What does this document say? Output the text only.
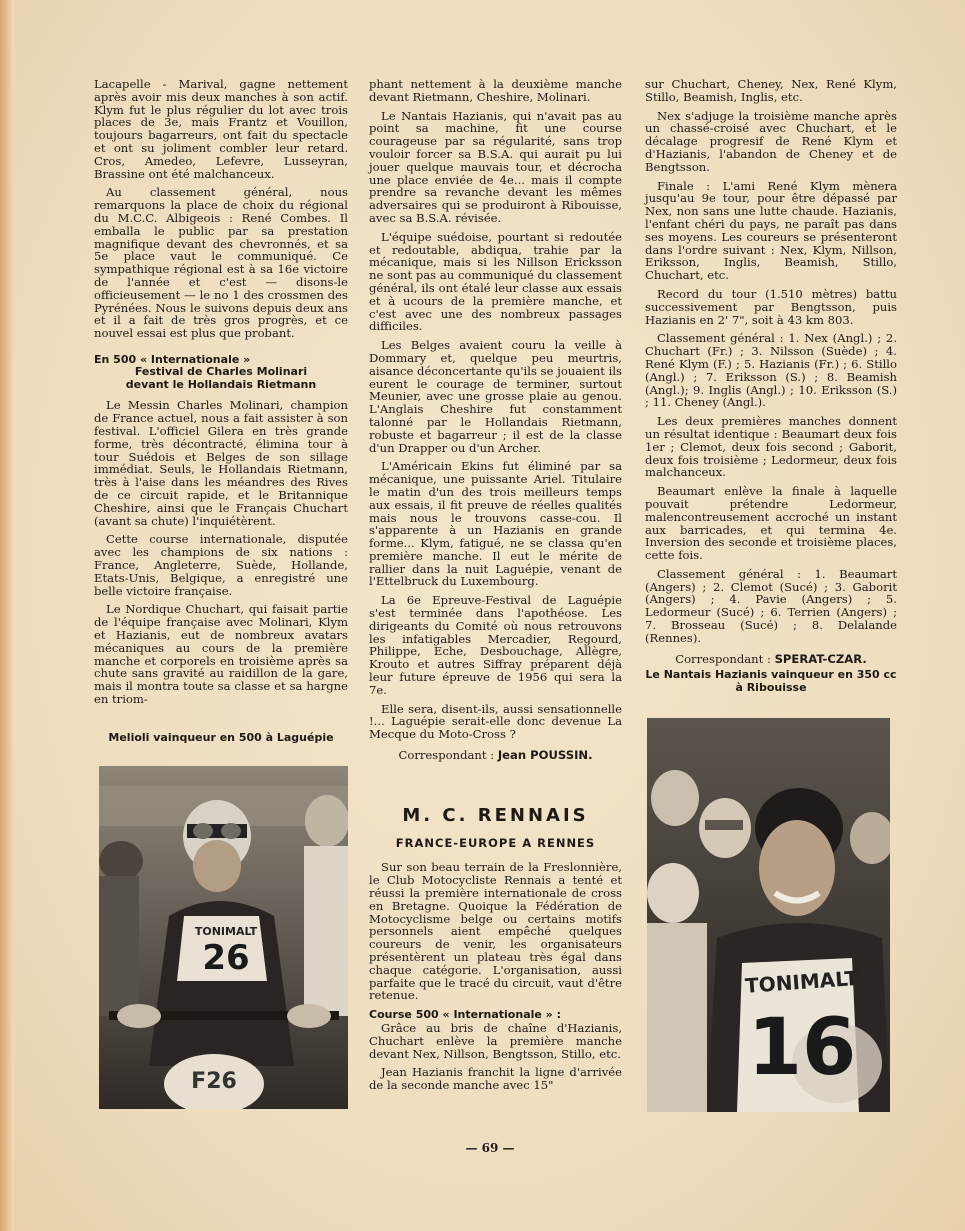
Lacapelle - Marival, gagne nettement après avoir mis deux manches à son actif. Klym fut le plus régulier du lot avec trois places de 3e, mais Frantz et Vouillon, toujours bagarreurs, ont fait du spectacle et ont su joliment combler leur retard. Cros, Amedeo, Lefevre, Lusseyran, Brassine ont été malchanceux.

Au classement général, nous remarquons la place de choix du régional du M.C.C. Albigeois : René Combes. Il emballa le public par sa prestation magnifique devant des chevronnés, et sa 5e place vaut le communiqué. Ce sympathique régional est à sa 16e victoire de l'année et c'est — disons-le officieusement — le no 1 des crossmen des Pyrénées. Nous le suivons depuis deux ans et il a fait de très gros progrès, et ce nouvel essai est plus que probant.

En 500 « Internationale »
Festival de Charles Molinari
devant le Hollandais Rietmann

Le Messin Charles Molinari, champion de France actuel, nous a fait assister à son festival. L'officiel Gilera en très grande forme, très décontracté, élimina tour à tour Suédois et Belges de son sillage immédiat. Seuls, le Hollandais Rietmann, très à l'aise dans les méandres des Rives de ce circuit rapide, et le Britannique Cheshire, ainsi que le Français Chuchart (avant sa chute) l'inquiétèrent.

Cette course internationale, disputée avec les champions de six nations : France, Angleterre, Suède, Hollande, Etats-Unis, Belgique, a enregistré une belle victoire française.

Le Nordique Chuchart, qui faisait partie de l'équipe française avec Molinari, Klym et Hazianis, eut de nombreux avatars mécaniques au cours de la première manche et corporels en troisième après sa chute sans gravité au raidillon de la gare, mais il montra toute sa classe et sa hargne en triom-

Melioli vainqueur en 500 à Laguépie
TONIMALT
26
F26

phant nettement à la deuxième manche devant Rietmann, Cheshire, Molinari.

Le Nantais Hazianis, qui n'avait pas au point sa machine, fit une course courageuse par sa régularité, sans trop vouloir forcer sa B.S.A. qui aurait pu lui jouer quelque mauvais tour, et décrocha une place enviée de 4e... mais il compte prendre sa revanche devant les mêmes adversaires qui se produiront à Ribouisse, avec sa B.S.A. révisée.

L'équipe suédoise, pourtant si redoutée et redoutable, abdiqua, trahie par la mécanique, mais si les Nillson Ericksson ne sont pas au communiqué du classement général, ils ont étalé leur classe aux essais et à ucours de la première manche, et c'est avec une des nombreux passages difficiles.

Les Belges avaient couru la veille à Dommary et, quelque peu meurtris, aisance déconcertante qu'ils se jouaient ils eurent le courage de terminer, surtout Meunier, avec une grosse plaie au genou. L'Anglais Cheshire fut constamment talonné par le Hollandais Rietmann, robuste et bagarreur ; il est de la classe d'un Drapper ou d'un Archer.

L'Américain Ekins fut éliminé par sa mécanique, une puissante Ariel. Titulaire le matin d'un des trois meilleurs temps aux essais, il fit preuve de réelles qualités mais nous le trouvons casse-cou. Il s'apparente à un Hazianis en grande forme... Klym, fatigué, ne se classa qu'en première manche. Il eut le mérite de rallier dans la nuit Laguépie, venant de l'Ettelbruck du Luxembourg.

La 6e Epreuve-Festival de Laguépie s'est terminée dans l'apothéose. Les dirigeants du Comité où nous retrouvons les infatigables Mercadier, Regourd, Philippe, Eche, Desbouchage, Allègre, Krouto et autres Siffray préparent déjà leur future épreuve de 1956 qui sera la 7e.

Elle sera, disent-ils, aussi sensationnelle !... Laguépie serait-elle donc devenue La Mecque du Moto-Cross ?

Correspondant : Jean POUSSIN.
M. C. RENNAIS
FRANCE-EUROPE A RENNES

Sur son beau terrain de la Freslonnière, le Club Motocycliste Rennais a tenté et réussi la première internationale de cross en Bretagne. Quoique la Fédération de Motocyclisme belge ou certains motifs personnels aient empêché quelques coureurs de venir, les organisateurs présentèrent un plateau très égal dans chaque catégorie. L'organisation, aussi parfaite que le tracé du circuit, vaut d'être retenue.

Course 500 « Internationale » :

Grâce au bris de chaîne d'Hazianis, Chuchart enlève la première manche devant Nex, Nillson, Bengtsson, Stillo, etc.

Jean Hazianis franchit la ligne d'arrivée de la seconde manche avec 15"

sur Chuchart, Cheney, Nex, René Klym, Stillo, Beamish, Inglis, etc.

Nex s'adjuge la troisième manche après un chassé-croisé avec Chuchart, et le décalage progresif de René Klym et d'Hazianis, l'abandon de Cheney et de Bengtsson.

Finale : L'ami René Klym mènera jusqu'au 9e tour, pour être dépassé par Nex, non sans une lutte chaude. Hazianis, l'enfant chéri du pays, ne paraît pas dans ses moyens. Les coureurs se présenteront dans l'ordre suivant : Nex, Klym, Nillson, Eriksson, Inglis, Beamish, Stillo, Chuchart, etc.

Record du tour (1.510 mètres) battu successivement par Bengtsson, puis Hazianis en 2' 7", soit à 43 km 803.

Classement général : 1. Nex (Angl.) ; 2. Chuchart (Fr.) ; 3. Nilsson (Suède) ; 4. René Klym (F.) ; 5. Hazianis (Fr.) ; 6. Stillo (Angl.) ; 7. Eriksson (S.) ; 8. Beamish (Angl.); 9. Inglis (Angl.) ; 10. Eriksson (S.) ; 11. Cheney (Angl.).

Les deux premières manches donnent un résultat identique : Beaumart deux fois 1er ; Clemot, deux fois second ; Gaborit, deux fois troisième ; Ledormeur, deux fois malchanceux.

Beaumart enlève la finale à laquelle pouvait prétendre Ledormeur, malencontreusement accroché un instant aux barricades, et qui termina 4e. Inversion des seconde et troisième places, cette fois.

Classement général : 1. Beaumart (Angers) ; 2. Clemot (Sucé) ; 3. Gaborit (Angers) ; 4. Pavie (Angers) ; 5. Ledormeur (Sucé) ; 6. Terrien (Angers) ; 7. Brosseau (Sucé) ; 8. Delalande (Rennes).

Correspondant : SPERAT-CZAR.
Le Nantais Hazianis vainqueur en 350 cc à Ribouisse
TONIMALT
16
— 69 —
